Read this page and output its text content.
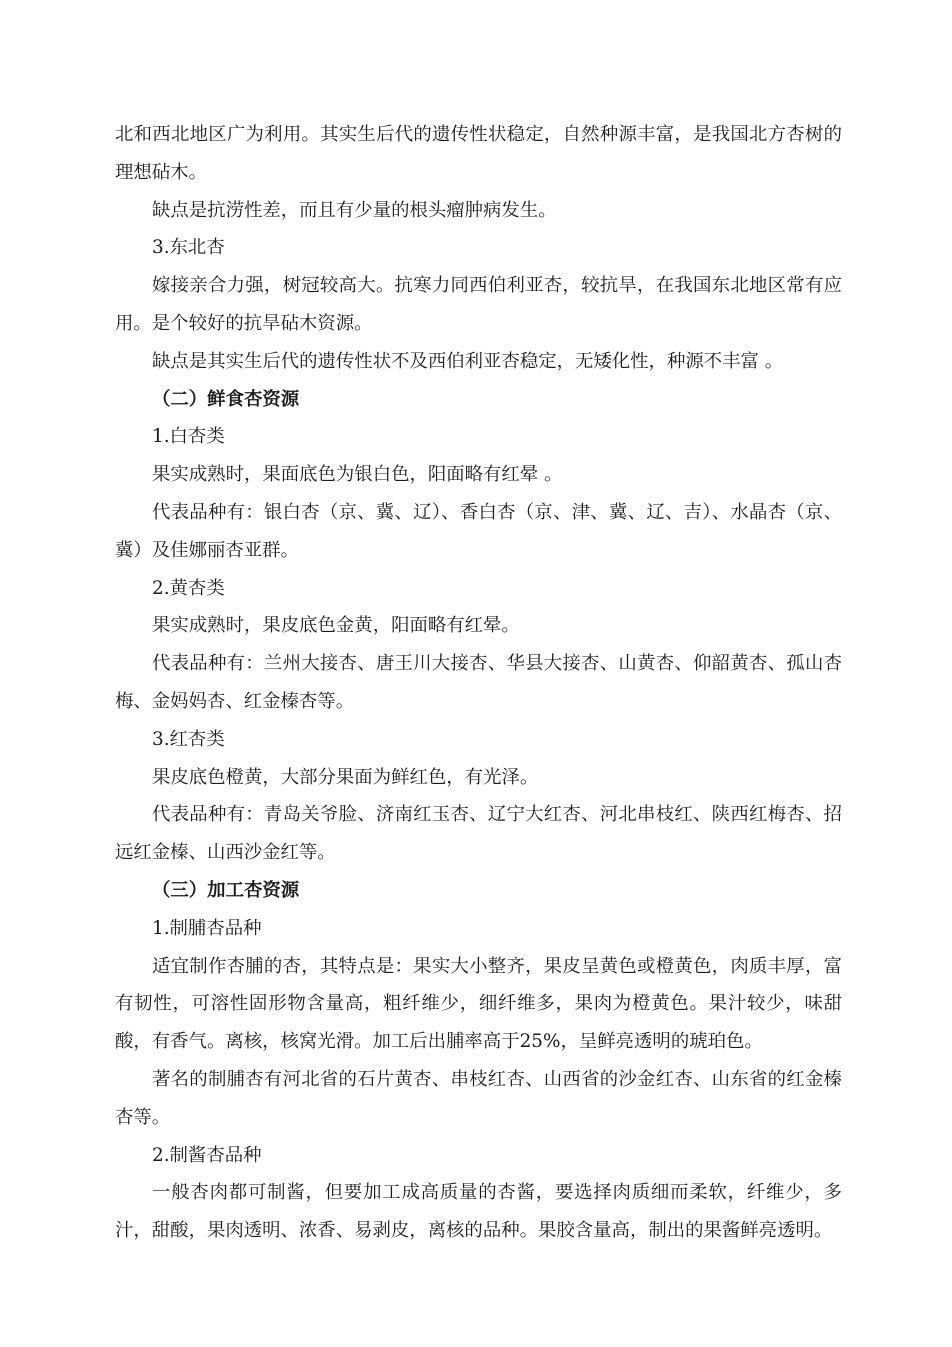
北和西北地区广为利用。其实生后代的遗传性状稳定，自然种源丰富，是我国北方杏树的理想砧木。

缺点是抗涝性差，而且有少量的根头瘤肿病发生。

3.东北杏

嫁接亲合力强，树冠较高大。抗寒力同西伯利亚杏，较抗旱，在我国东北地区常有应用。是个较好的抗旱砧木资源。

缺点是其实生后代的遗传性状不及西伯利亚杏稳定，无矮化性，种源不丰富 。

（二）鲜食杏资源

1.白杏类

果实成熟时，果面底色为银白色，阳面略有红晕 。

代表品种有：银白杏（京、冀、辽）、香白杏（京、津、冀、辽、吉）、水晶杏（京、冀）及佳娜丽杏亚群。

2.黄杏类

果实成熟时，果皮底色金黄，阳面略有红晕。

代表品种有：兰州大接杏、唐王川大接杏、华县大接杏、山黄杏、仰韶黄杏、孤山杏梅、金妈妈杏、红金榛杏等。

3.红杏类

果皮底色橙黄，大部分果面为鲜红色，有光泽。

代表品种有：青岛关爷脸、济南红玉杏、辽宁大红杏、河北串枝红、陕西红梅杏、招远红金榛、山西沙金红等。

（三）加工杏资源

1.制脯杏品种

适宜制作杏脯的杏，其特点是：果实大小整齐，果皮呈黄色或橙黄色，肉质丰厚，富有韧性，可溶性固形物含量高，粗纤维少，细纤维多，果肉为橙黄色。果汁较少，味甜酸，有香气。离核，核窝光滑。加工后出脯率高于25%，呈鲜亮透明的琥珀色。

著名的制脯杏有河北省的石片黄杏、串枝红杏、山西省的沙金红杏、山东省的红金榛杏等。

2.制酱杏品种

一般杏肉都可制酱，但要加工成高质量的杏酱，要选择肉质细而柔软，纤维少，多汁，甜酸，果肉透明、浓香、易剥皮，离核的品种。果胶含量高，制出的果酱鲜亮透明。
